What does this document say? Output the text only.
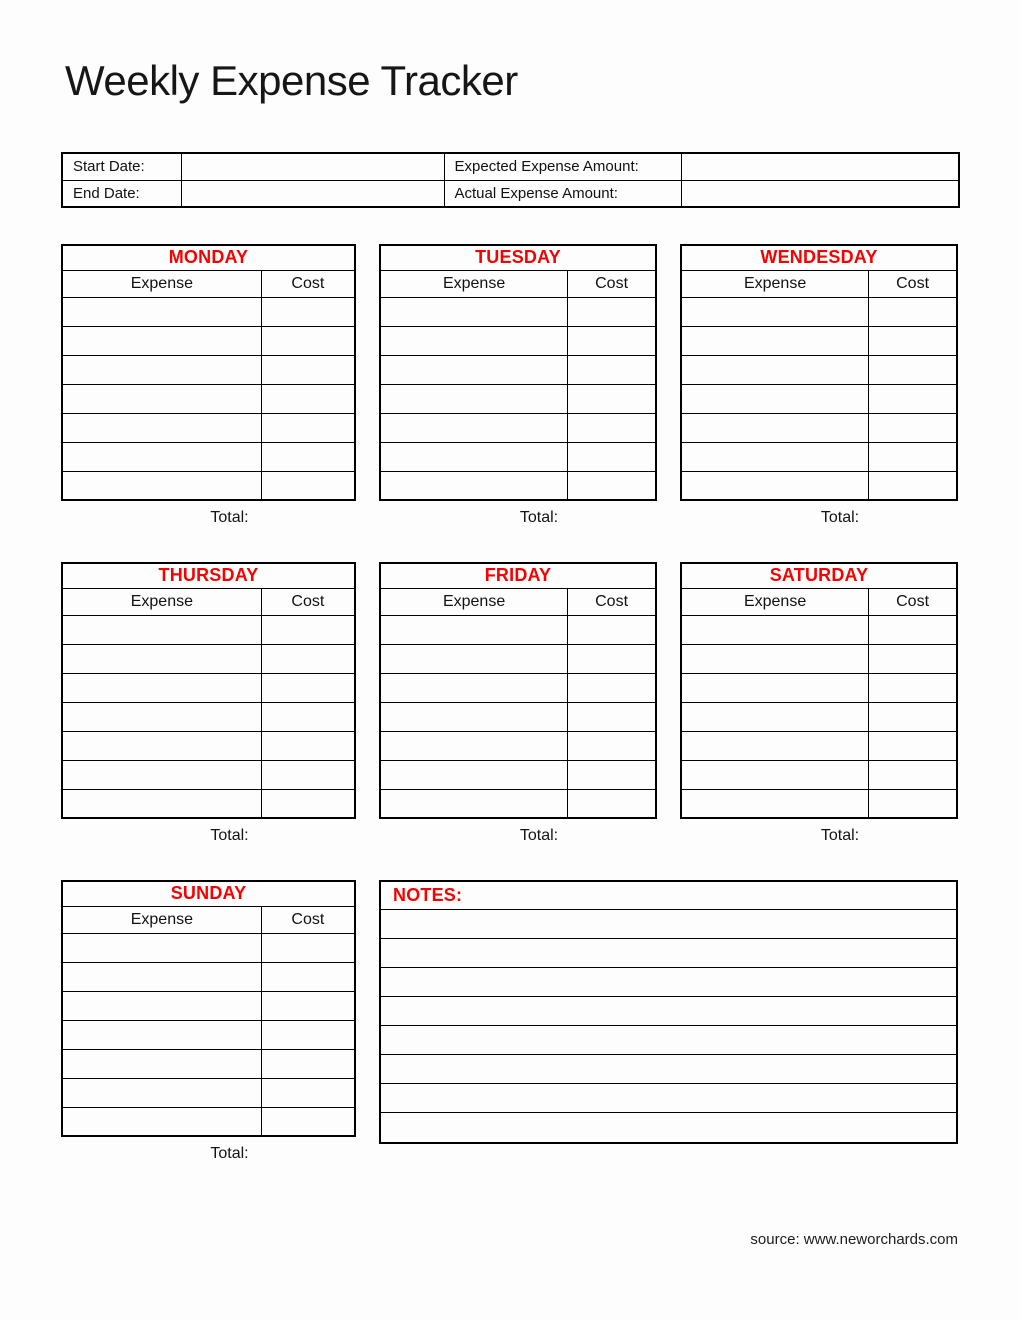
Weekly Expense Tracker
Start Date:		Expected Expense Amount:	
End Date:		Actual Expense Amount:	
MONDAY	
Expense	Cost

Total:
TUESDAY	
Expense	Cost

Total:
WENDESDAY	
Expense	Cost

Total:
THURSDAY	
Expense	Cost

Total:
FRIDAY	
Expense	Cost

Total:
SATURDAY	
Expense	Cost

Total:
SUNDAY	
Expense	Cost

Total:
NOTES:
source: www.neworchards.com
